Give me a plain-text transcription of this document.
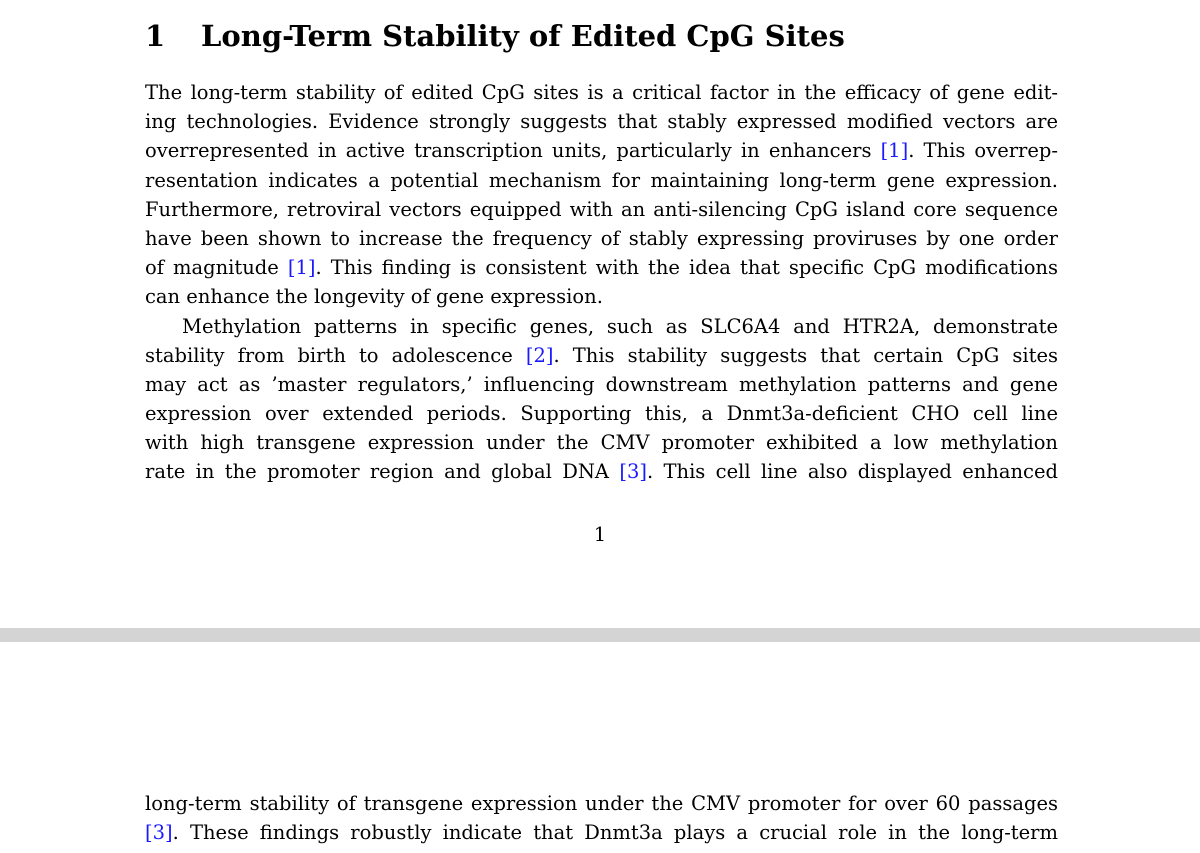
1 Long-Term Stability of Edited CpG Sites
The long-term stability of edited CpG sites is a critical factor in the efficacy of gene edit-
ing technologies. Evidence strongly suggests that stably expressed modified vectors are
overrepresented in active transcription units, particularly in enhancers [1]. This overrep-
resentation indicates a potential mechanism for maintaining long-term gene expression.
Furthermore, retroviral vectors equipped with an anti-silencing CpG island core sequence
have been shown to increase the frequency of stably expressing proviruses by one order
of magnitude [1]. This finding is consistent with the idea that specific CpG modifications
can enhance the longevity of gene expression.
Methylation patterns in specific genes, such as SLC6A4 and HTR2A, demonstrate
stability from birth to adolescence [2]. This stability suggests that certain CpG sites
may act as ’master regulators,’ influencing downstream methylation patterns and gene
expression over extended periods. Supporting this, a Dnmt3a-deficient CHO cell line
with high transgene expression under the CMV promoter exhibited a low methylation
rate in the promoter region and global DNA [3]. This cell line also displayed enhanced
1
long-term stability of transgene expression under the CMV promoter for over 60 passages
[3]. These findings robustly indicate that Dnmt3a plays a crucial role in the long-term
